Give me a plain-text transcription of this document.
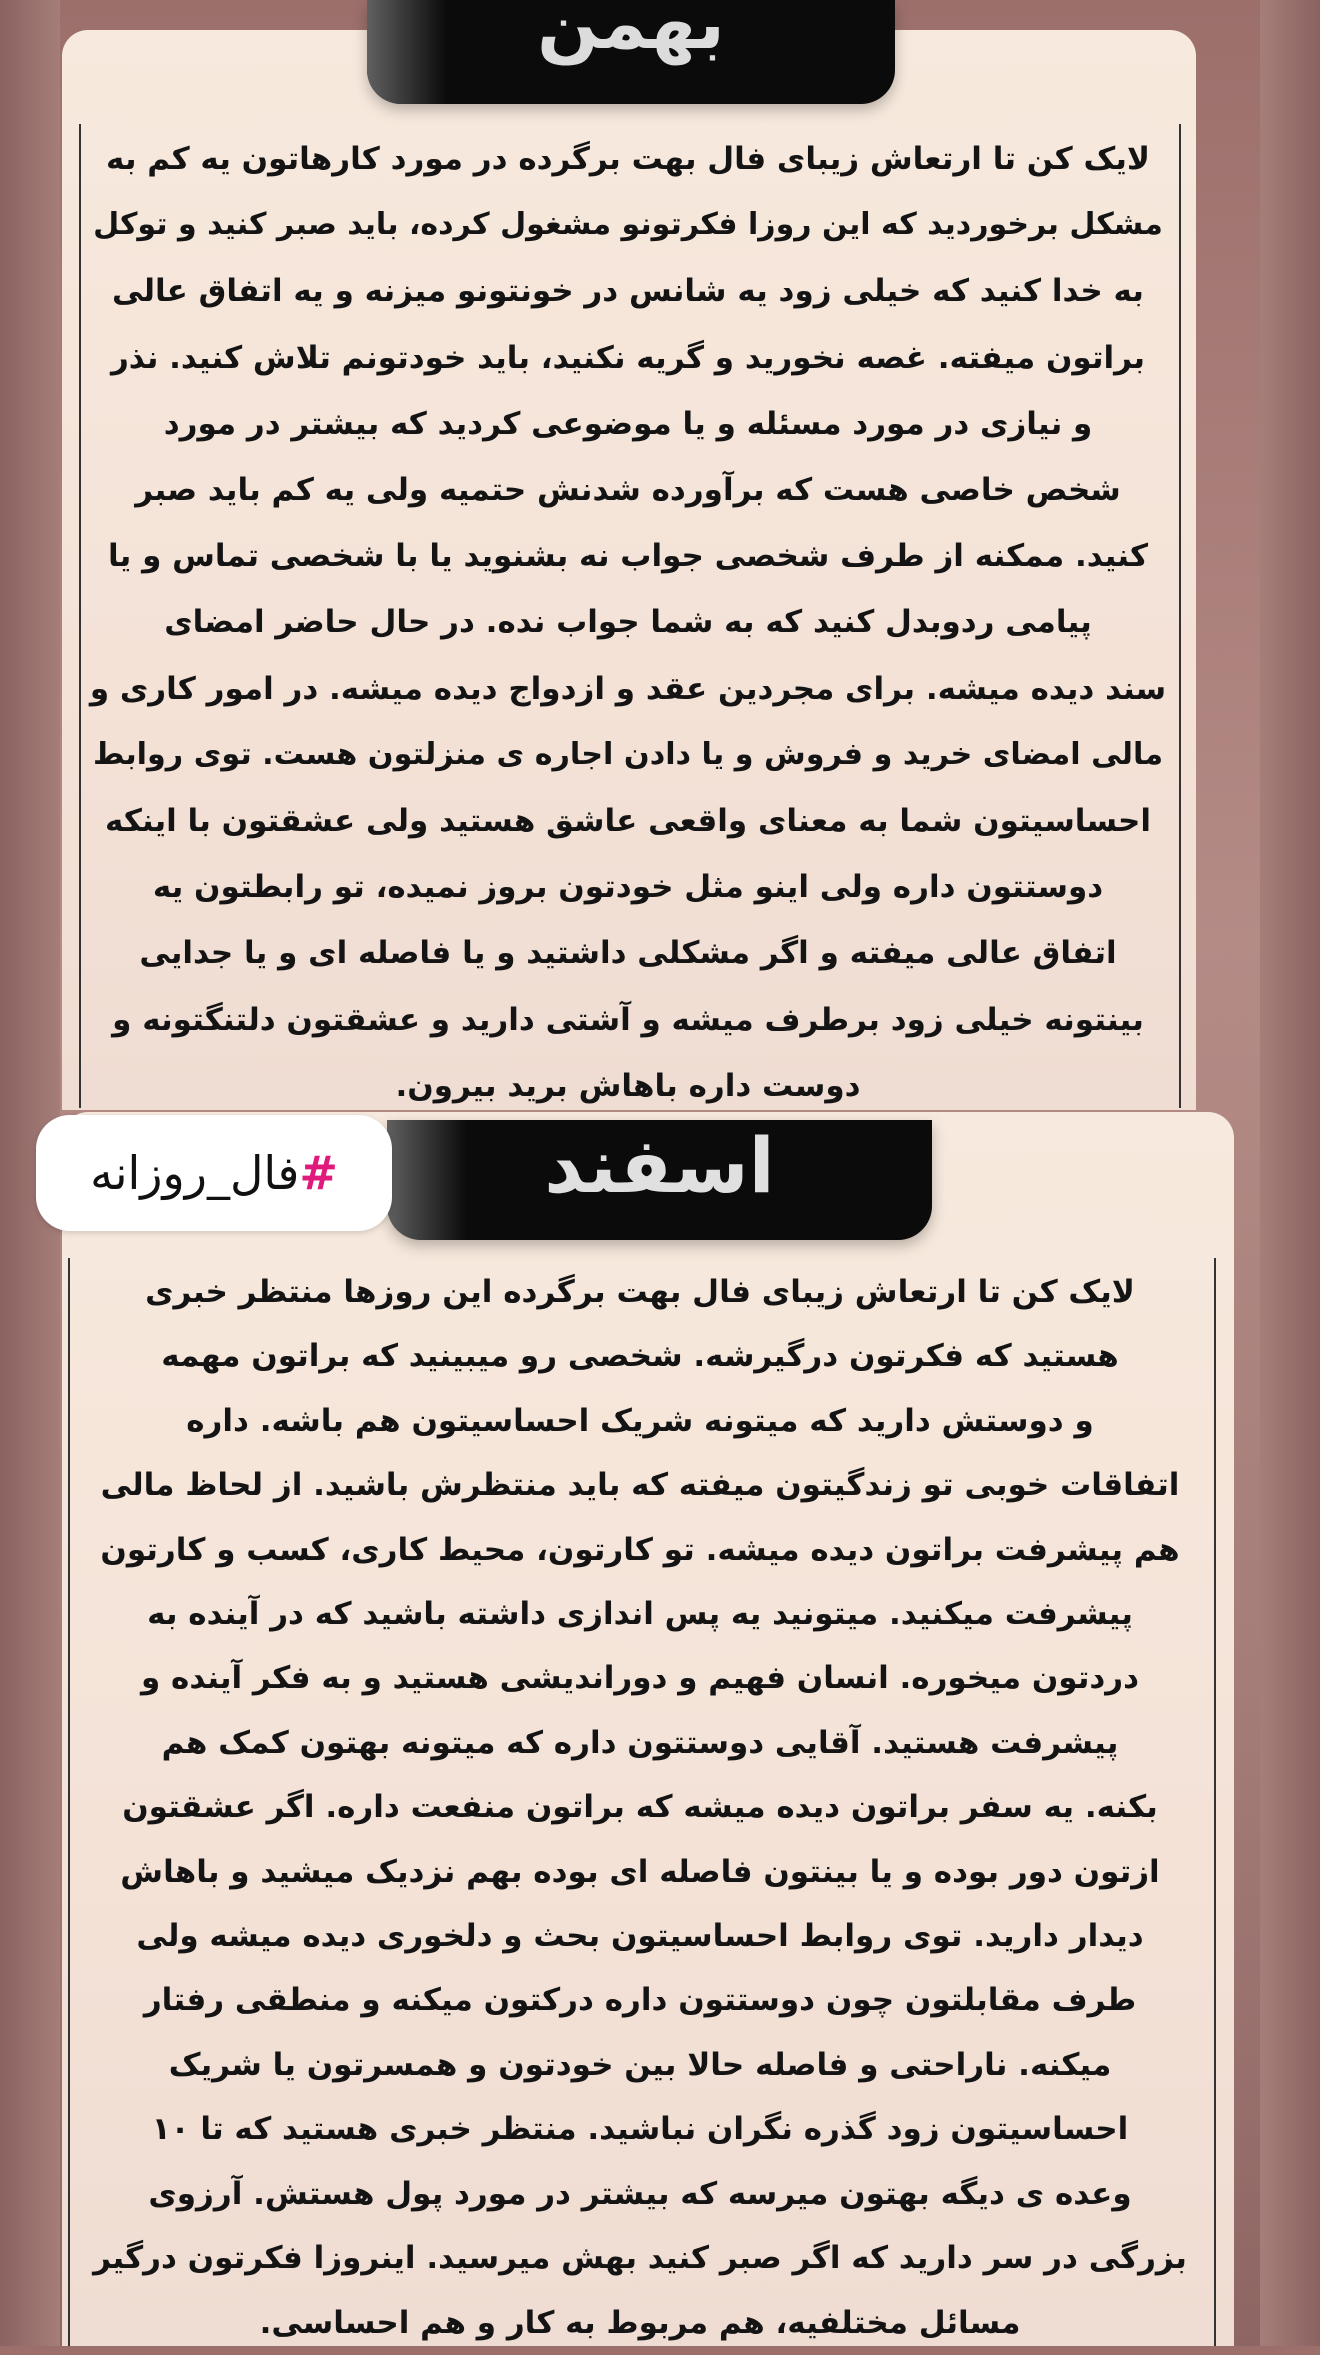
بهمن
لایک کن تا ارتعاش زیبای فال بهت برگرده در مورد کارهاتون یه کم به
مشکل برخوردید که این روزا فکرتونو مشغول کرده، باید صبر کنید و توکل
به خدا کنید که خیلی زود یه شانس در خونتونو میزنه و یه اتفاق عالی
براتون میفته. غصه نخورید و گریه نکنید، باید خودتونم تلاش کنید. نذر
و نیازی در مورد مسئله و یا موضوعی کردید که بیشتر در مورد
شخص خاصی هست که برآورده شدنش حتمیه ولی یه کم باید صبر
کنید. ممکنه از طرف شخصی جواب نه بشنوید یا با شخصی تماس و یا
پیامی ردوبدل کنید که به شما جواب نده. در حال حاضر امضای
سند دیده میشه. برای مجردین عقد و ازدواج دیده میشه. در امور کاری و
مالی امضای خرید و فروش و یا دادن اجاره ی منزلتون هست. توی روابط
احساسیتون شما به معنای واقعی عاشق هستید ولی عشقتون با اینکه
دوستتون داره ولی اینو مثل خودتون بروز نمیده، تو رابطتون یه
اتفاق عالی میفته و اگر مشکلی داشتید و یا فاصله ای و یا جدایی
بینتونه خیلی زود برطرف میشه و آشتی دارید و عشقتون دلتنگتونه و
دوست داره باهاش برید بیرون.
اسفند
لایک کن تا ارتعاش زیبای فال بهت برگرده این روزها منتظر خبری
هستید که فکرتون درگیرشه. شخصی رو میبینید که براتون مهمه
و دوستش دارید که میتونه شریک احساسیتون هم باشه. داره
اتفاقات خوبی تو زندگیتون میفته که باید منتظرش باشید. از لحاظ مالی
هم پیشرفت براتون دیده میشه. تو کارتون، محیط کاری، کسب و کارتون
پیشرفت میکنید. میتونید یه پس اندازی داشته باشید که در آینده به
دردتون میخوره. انسان فهیم و دوراندیشی هستید و به فکر آینده و
پیشرفت هستید. آقایی دوستتون داره که میتونه بهتون کمک هم
بکنه. یه سفر براتون دیده میشه که براتون منفعت داره. اگر عشقتون
ازتون دور بوده و یا بینتون فاصله ای بوده بهم نزدیک میشید و باهاش
دیدار دارید. توی روابط احساسیتون بحث و دلخوری دیده میشه ولی
طرف مقابلتون چون دوستتون داره درکتون میکنه و منطقی رفتار
میکنه. ناراحتی و فاصله حالا بین خودتون و همسرتون یا شریک
احساسیتون زود گذره نگران نباشید. منتظر خبری هستید که تا ۱۰
وعده ی دیگه بهتون میرسه که بیشتر در مورد پول هستش. آرزوی
بزرگی در سر دارید که اگر صبر کنید بهش میرسید. اینروزا فکرتون درگیر
مسائل مختلفیه، هم مربوط به کار و هم احساسی.
#فال_روزانه
